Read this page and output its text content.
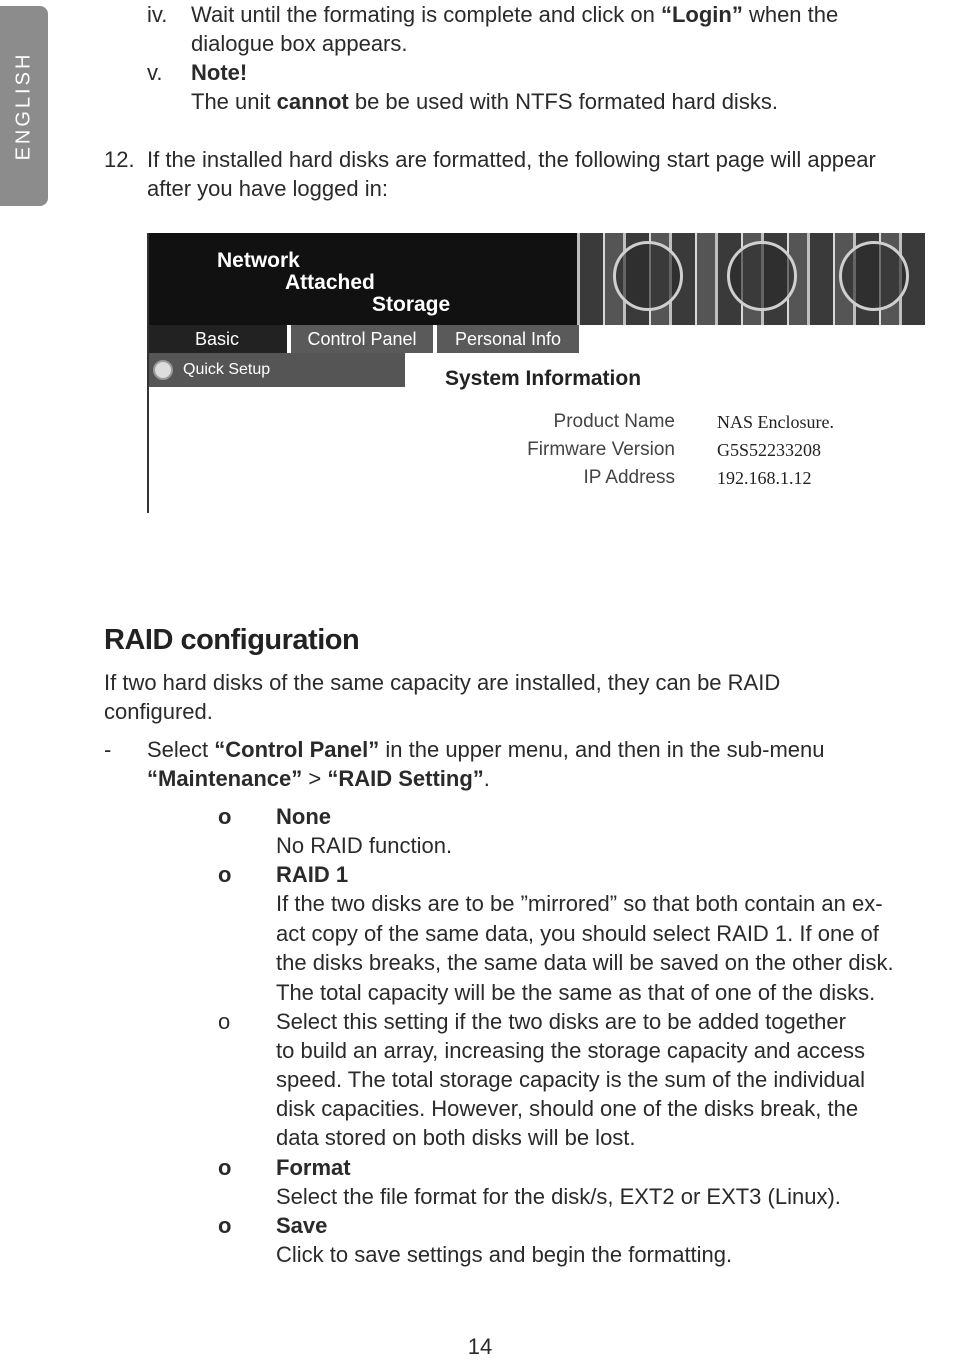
ENGLISH
iv. Wait until the formating is complete and click on “Login” when the
dialogue box appears.
v. Note!
The unit cannot be be used with NTFS formated hard disks.
12. If the installed hard disks are formatted, the following start page will appear
after you have logged in:
Network
Attached
Storage
Basic	Control Panel	Personal Info
Quick Setup	System Information
Product Name NAS Enclosure.
Firmware Version G5S52233208
IP Address 192.168.1.12
RAID configuration
If two hard disks of the same capacity are installed, they can be RAID
configured.
- Select “Control Panel” in the upper menu, and then in the sub-menu
“Maintenance” > “RAID Setting”.
o None
No RAID function.
o RAID 1
If the two disks are to be ”mirrored” so that both contain an ex-
act copy of the same data, you should select RAID 1. If one of
the disks breaks, the same data will be saved on the other disk.
The total capacity will be the same as that of one of the disks.
o Select this setting if the two disks are to be added together
to build an array, increasing the storage capacity and access
speed. The total storage capacity is the sum of the individual
disk capacities. However, should one of the disks break, the
data stored on both disks will be lost.
o Format
Select the file format for the disk/s, EXT2 or EXT3 (Linux).
o Save
Click to save settings and begin the formatting.
14
